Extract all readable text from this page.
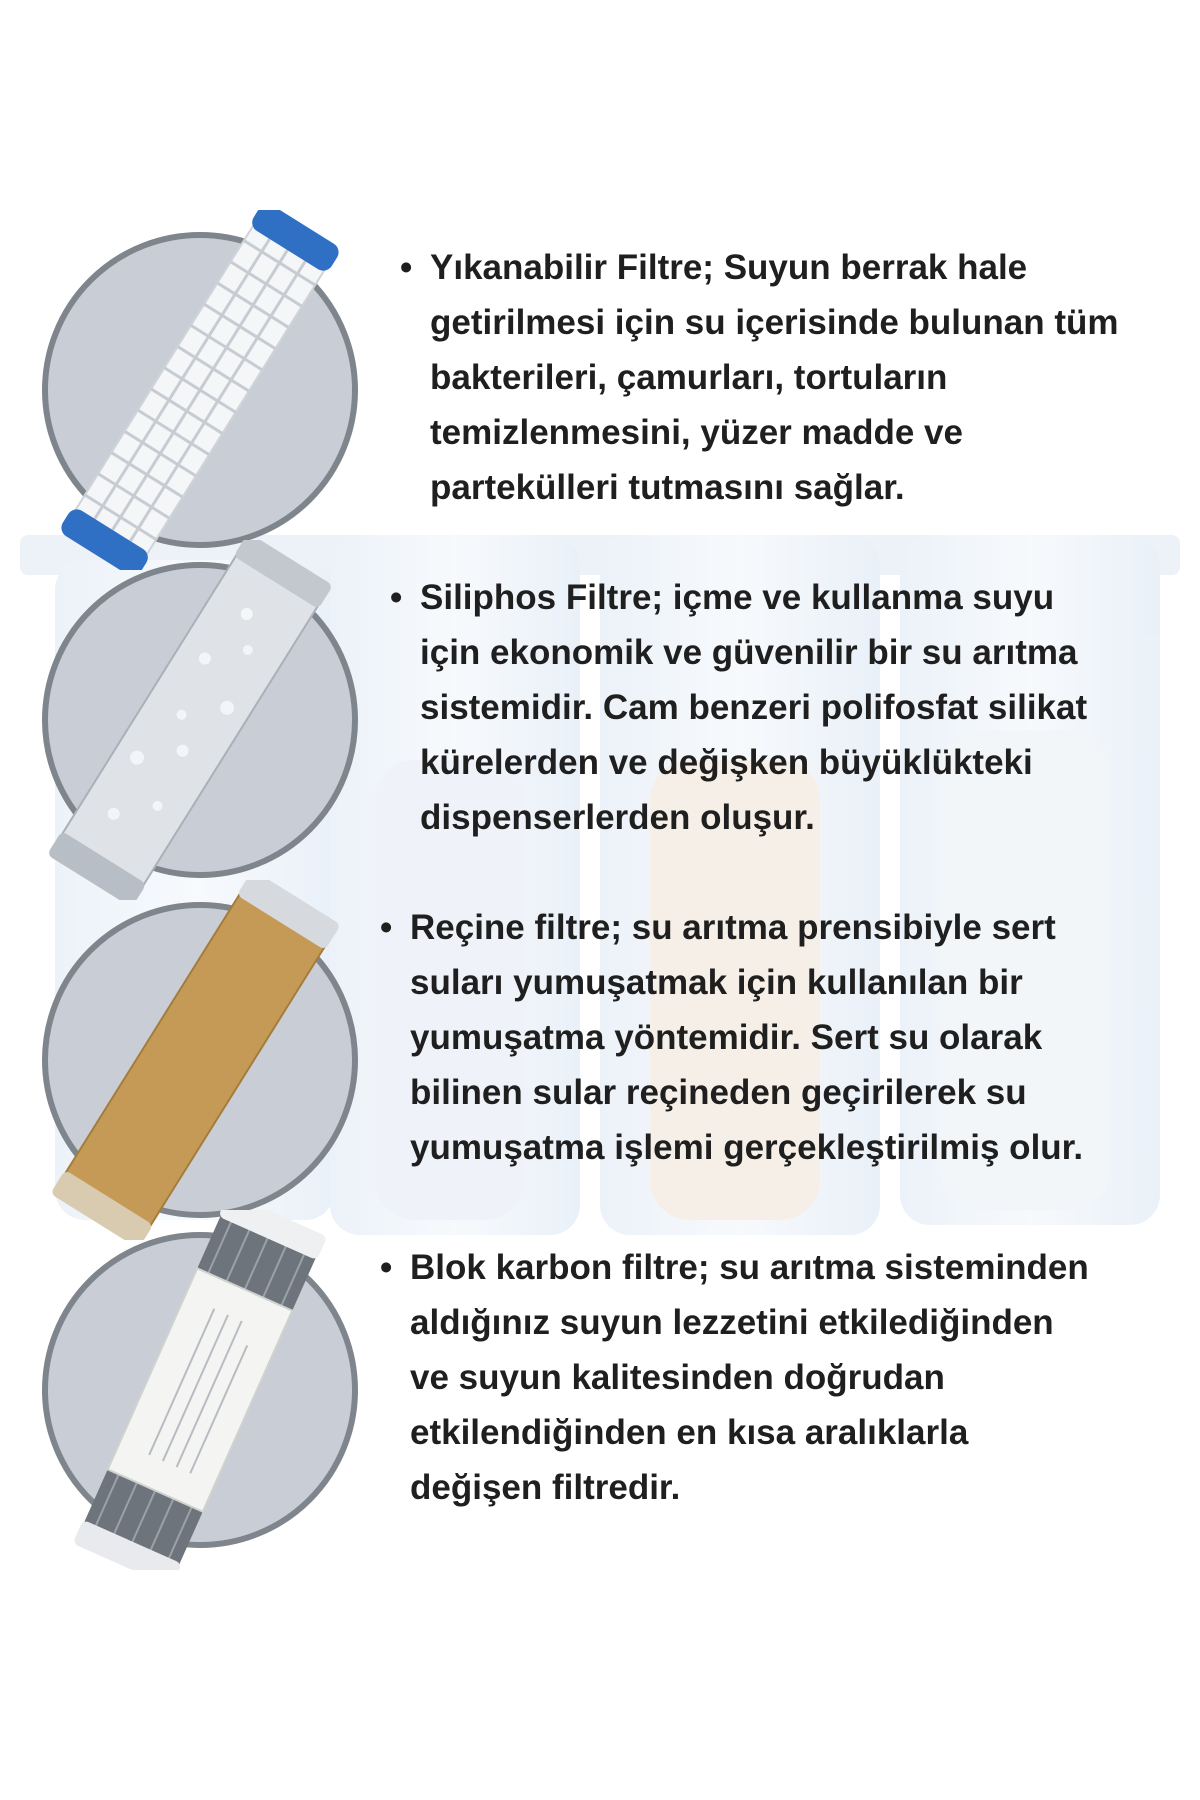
• Yıkanabilir Filtre; Suyun berrak hale
getirilmesi için su içerisinde bulunan tüm
bakterileri, çamurları, tortuların
temizlenmesini, yüzer madde ve
partekülleri tutmasını sağlar.
• Siliphos Filtre; içme ve kullanma suyu
için ekonomik ve güvenilir bir su arıtma
sistemidir. Cam benzeri polifosfat silikat
kürelerden ve değişken büyüklükteki
dispenserlerden oluşur.
• Reçine filtre; su arıtma prensibiyle sert
suları yumuşatmak için kullanılan bir
yumuşatma yöntemidir. Sert su olarak
bilinen sular reçineden geçirilerek su
yumuşatma işlemi gerçekleştirilmiş olur.
• Blok karbon filtre; su arıtma sisteminden
aldığınız suyun lezzetini etkilediğinden
ve suyun kalitesinden doğrudan
etkilendiğinden en kısa aralıklarla
değişen filtredir.
